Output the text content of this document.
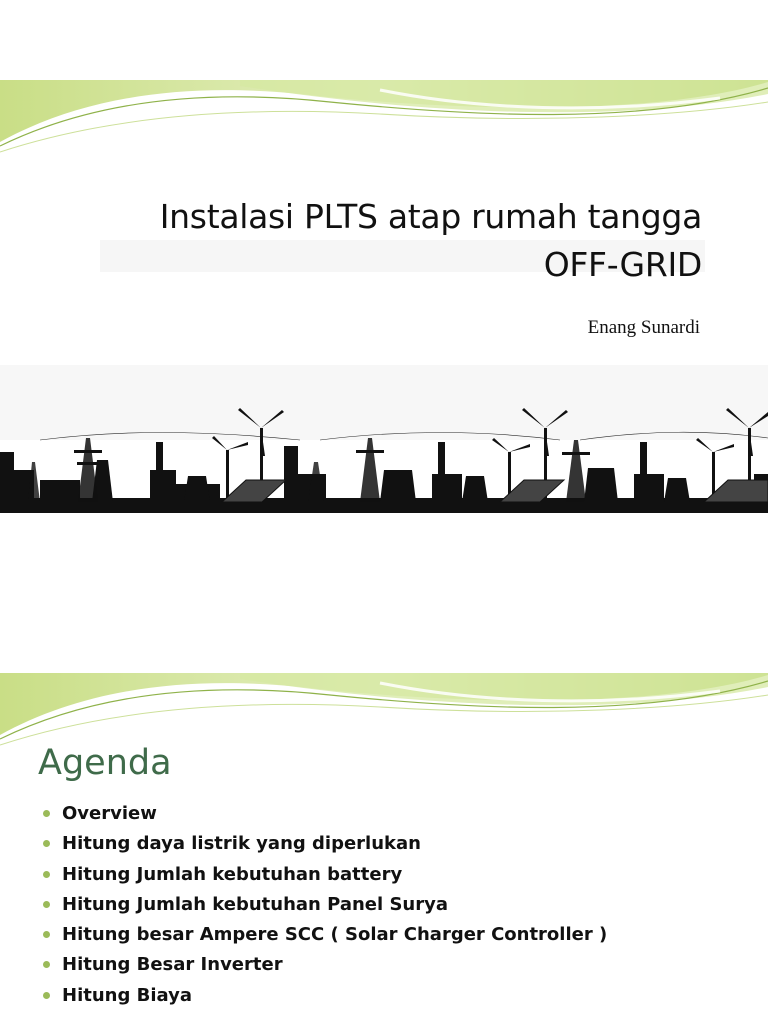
Instalasi PLTS atap rumah tangga
OFF-GRID
Enang Sunardi
Agenda
Overview
Hitung daya listrik yang diperlukan
Hitung Jumlah kebutuhan battery
Hitung Jumlah kebutuhan Panel Surya
Hitung besar Ampere SCC ( Solar Charger Controller )
Hitung Besar Inverter
Hitung Biaya
